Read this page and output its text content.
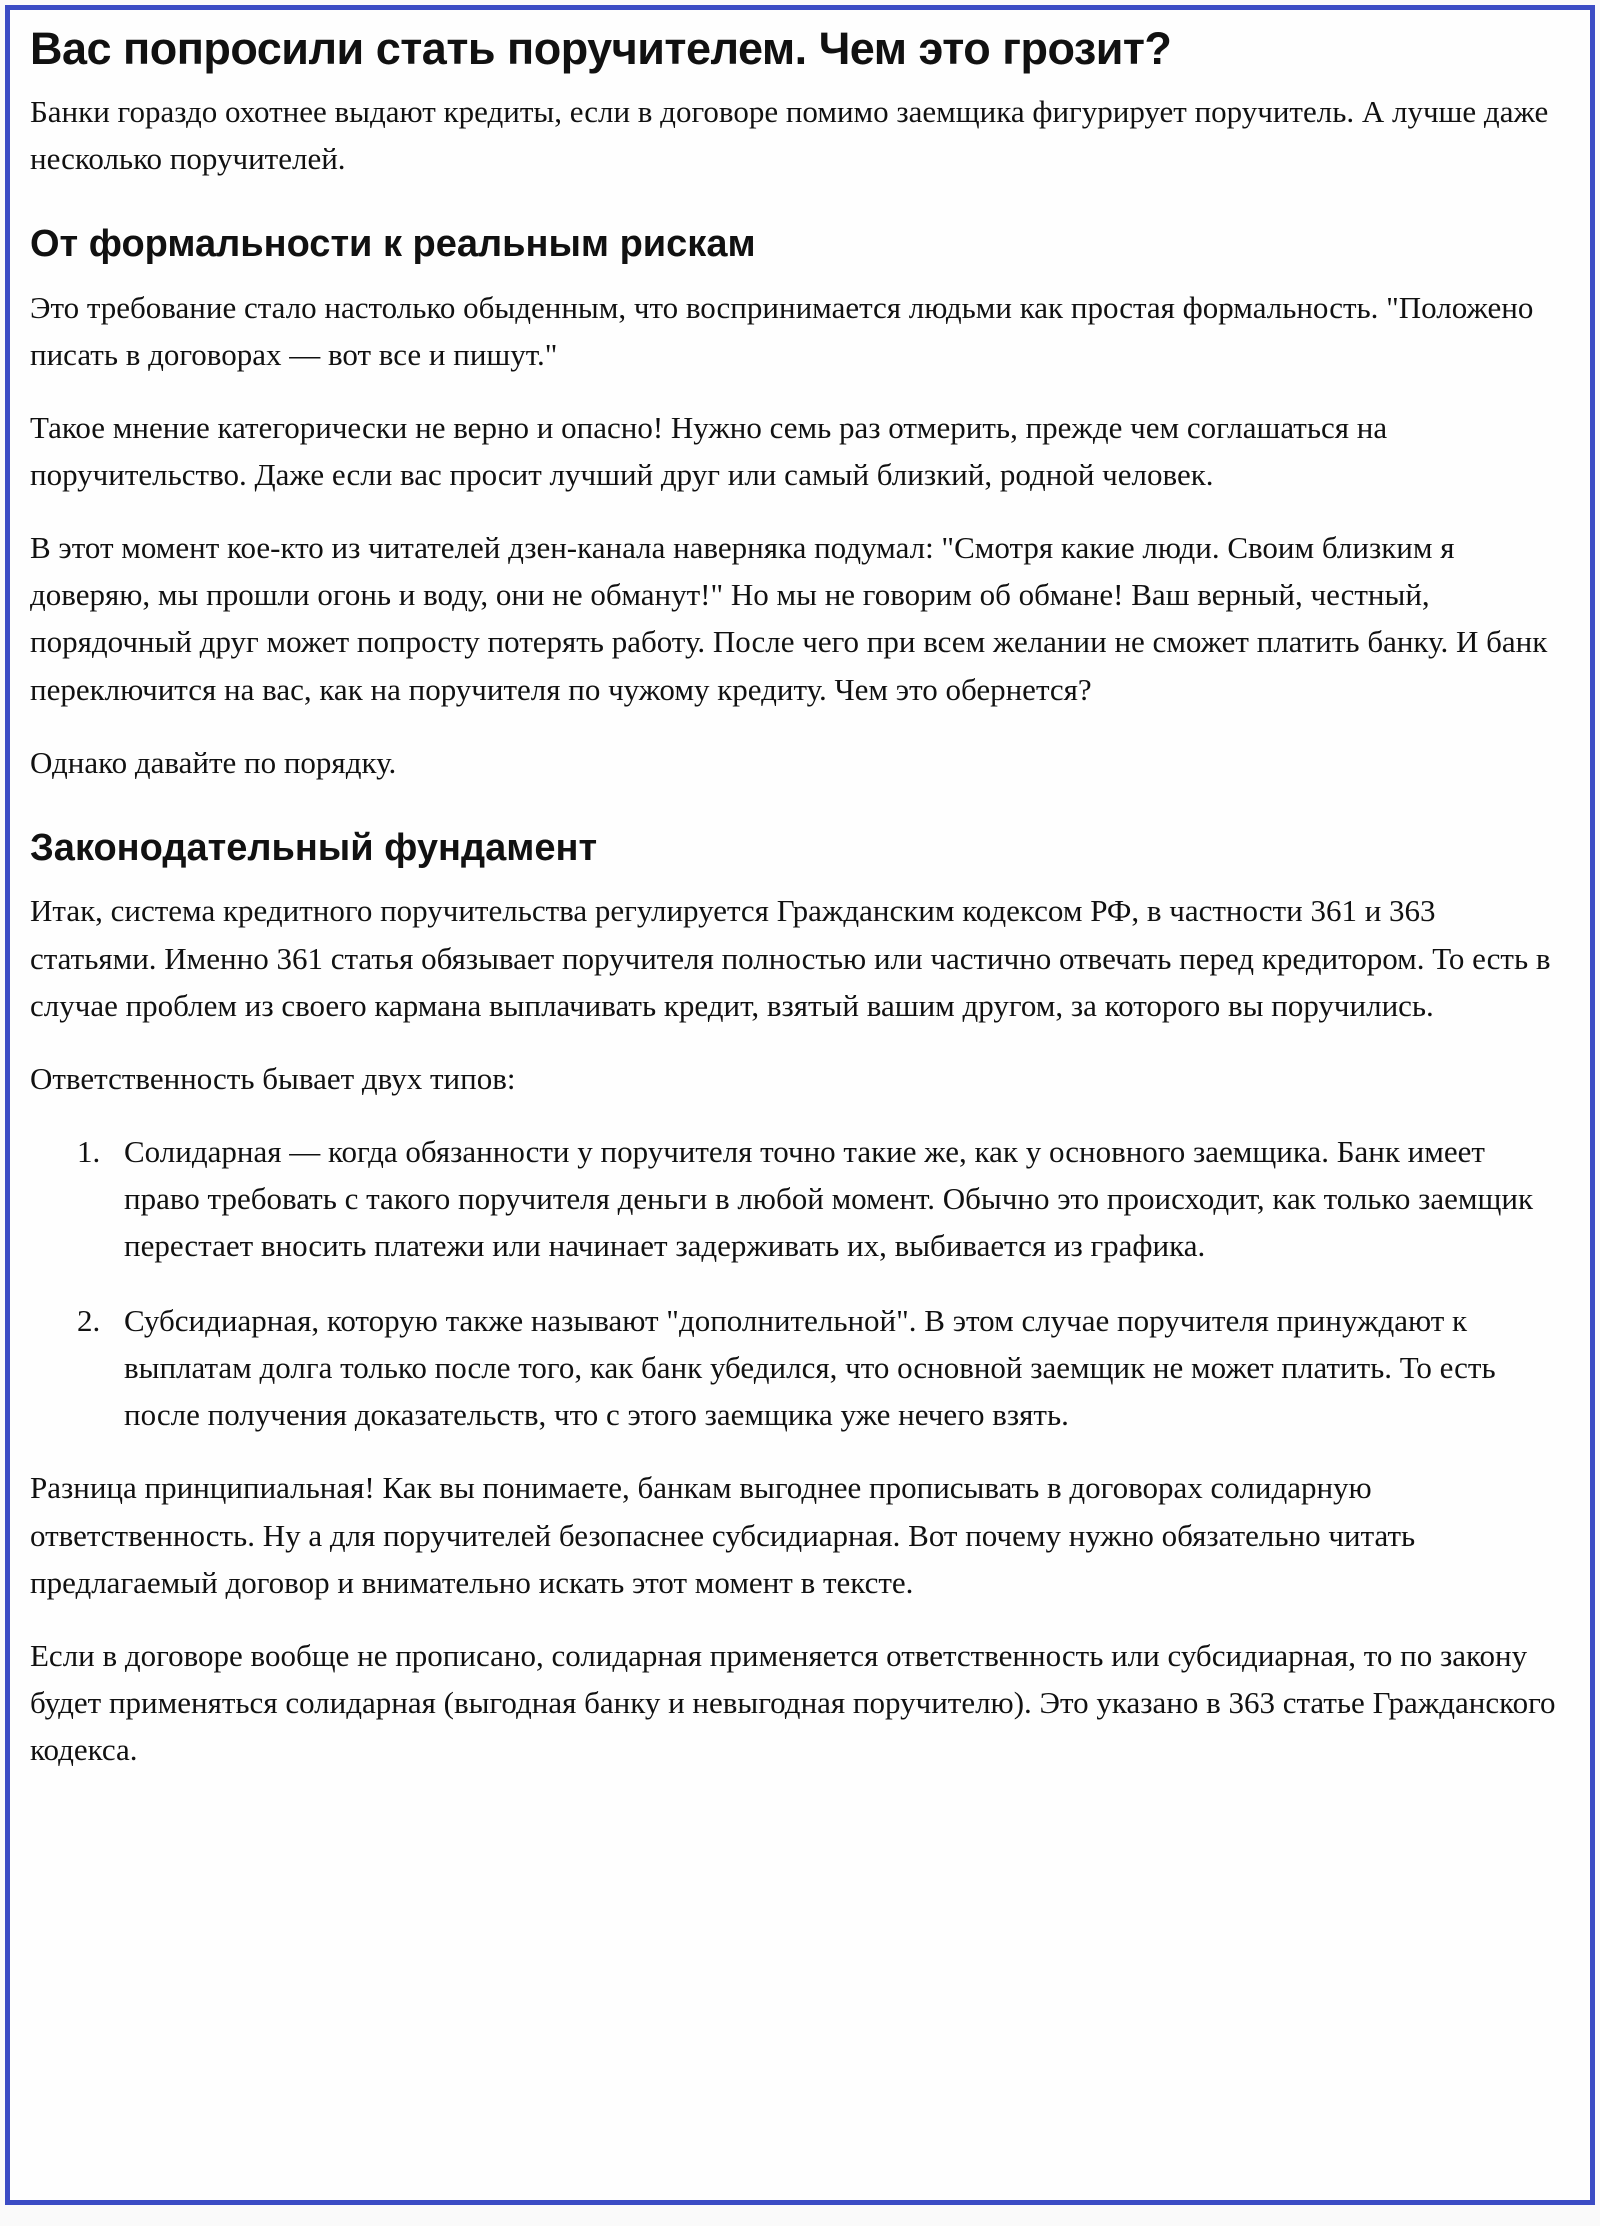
Вас попросили стать поручителем. Чем это грозит?

Банки гораздо охотнее выдают кредиты, если в договоре помимо заемщика фигурирует поручитель. А лучше даже несколько поручителей.

От формальности к реальным рискам

Это требование стало настолько обыденным, что воспринимается людьми как простая формальность. "Положено писать в договорах — вот все и пишут."

Такое мнение категорически не верно и опасно! Нужно семь раз отмерить, прежде чем соглашаться на поручительство. Даже если вас просит лучший друг или самый близкий, родной человек.

В этот момент кое-кто из читателей дзен-канала наверняка подумал: "Смотря какие люди. Своим близким я доверяю, мы прошли огонь и воду, они не обманут!" Но мы не говорим об обмане! Ваш верный, честный, порядочный друг может попросту потерять работу. После чего при всем желании не сможет платить банку. И банк переключится на вас, как на поручителя по чужому кредиту. Чем это обернется?

Однако давайте по порядку.

Законодательный фундамент

Итак, система кредитного поручительства регулируется Гражданским кодексом РФ, в частности 361 и 363 статьями. Именно 361 статья обязывает поручителя полностью или частично отвечать перед кредитором. То есть в случае проблем из своего кармана выплачивать кредит, взятый вашим другом, за которого вы поручились.

Ответственность бывает двух типов:

1. Солидарная — когда обязанности у поручителя точно такие же, как у основного заемщика. Банк имеет право требовать с такого поручителя деньги в любой момент. Обычно это происходит, как только заемщик перестает вносить платежи или начинает задерживать их, выбивается из графика.
2. Субсидиарная, которую также называют "дополнительной". В этом случае поручителя принуждают к выплатам долга только после того, как банк убедился, что основной заемщик не может платить. То есть после получения доказательств, что с этого заемщика уже нечего взять.

Разница принципиальная! Как вы понимаете, банкам выгоднее прописывать в договорах солидарную ответственность. Ну а для поручителей безопаснее субсидиарная. Вот почему нужно обязательно читать предлагаемый договор и внимательно искать этот момент в тексте.

Если в договоре вообще не прописано, солидарная применяется ответственность или субсидиарная, то по закону будет применяться солидарная (выгодная банку и невыгодная поручителю). Это указано в 363 статье Гражданского кодекса.
